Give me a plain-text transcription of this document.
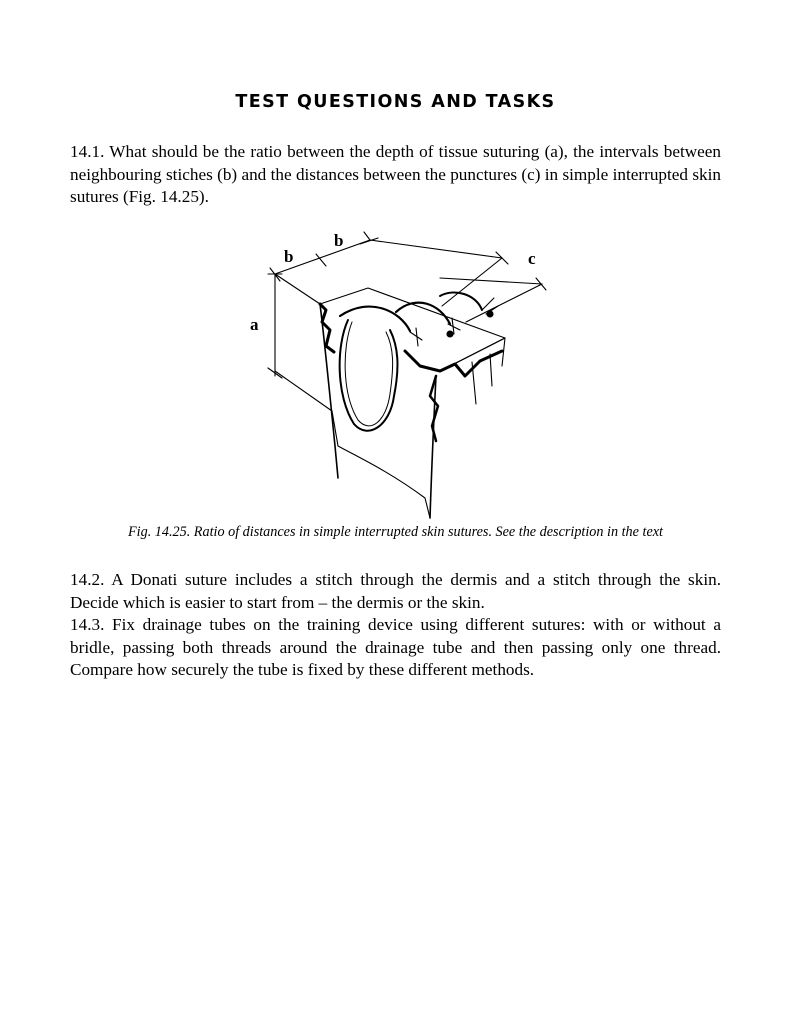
TEST QUESTIONS AND TASKS

14.1. What should be the ratio between the depth of tissue suturing (a), the intervals between neighbouring stiches (b) and the distances between the punctures (c) in simple interrupted skin sutures (Fig. 14.25).

b
b
c
a
Fig. 14.25. Ratio of distances in simple interrupted skin sutures. See the description in the text

14.2. A Donati suture includes a stitch through the dermis and a stitch through the skin. Decide which is easier to start from – the dermis or the skin.

14.3. Fix drainage tubes on the training device using different sutures: with or without a bridle, passing both threads around the drainage tube and then passing only one thread. Compare how securely the tube is fixed by these different methods.
